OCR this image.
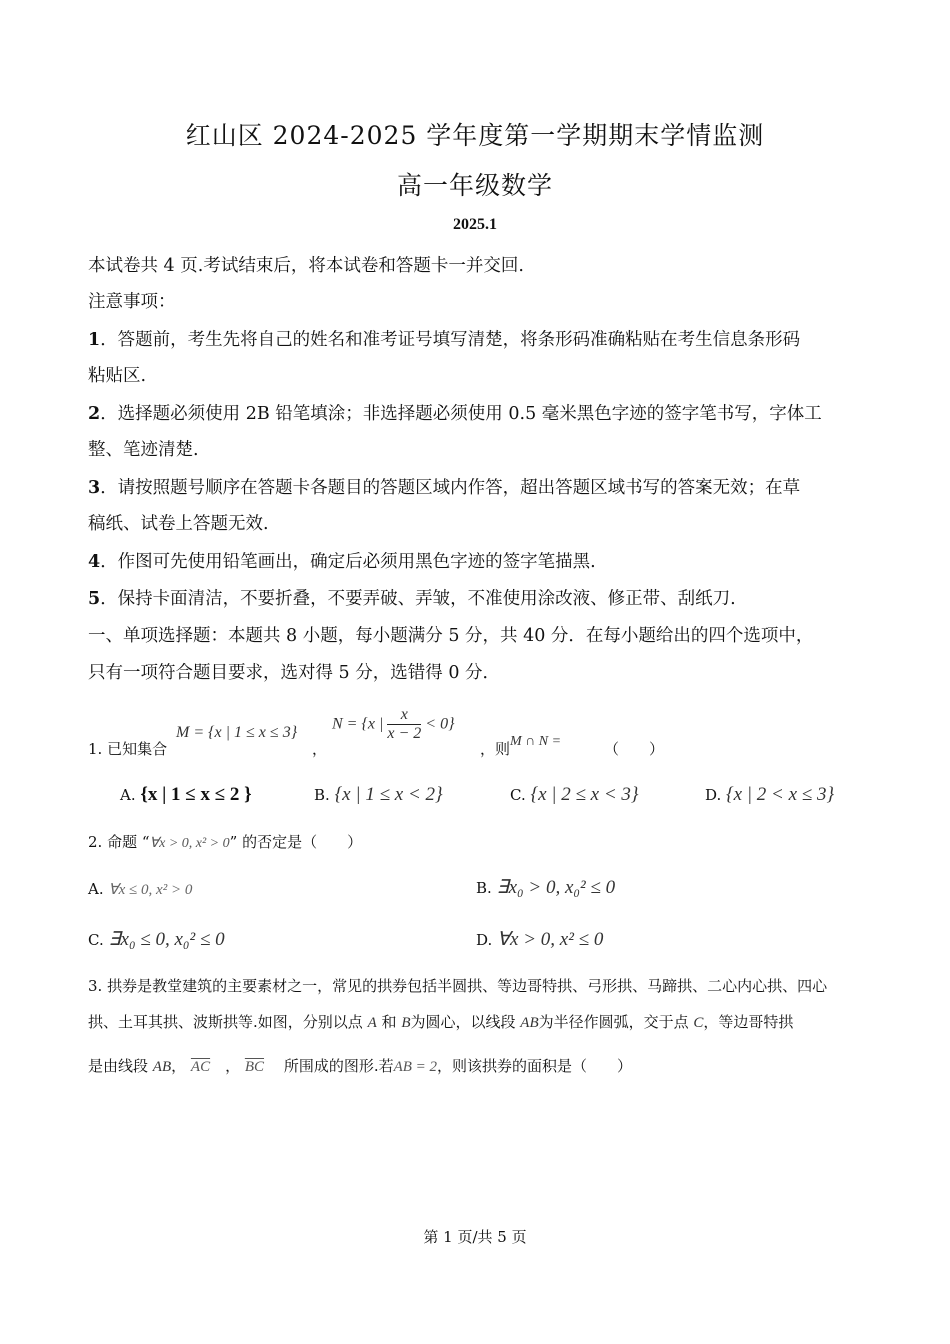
红山区 2024-2025 学年度第一学期期末学情监测
高一年级数学
2025.1
本试卷共 4 页.考试结束后，将本试卷和答题卡一并交回.
注意事项：
1．答题前，考生先将自己的姓名和准考证号填写清楚，将条形码准确粘贴在考生信息条形码
粘贴区.
2．选择题必须使用 2B 铅笔填涂；非选择题必须使用 0.5 毫米黑色字迹的签字笔书写，字体工
整、笔迹清楚.
3．请按照题号顺序在答题卡各题目的答题区域内作答，超出答题区域书写的答案无效；在草
稿纸、试卷上答题无效.
4．作图可先使用铅笔画出，确定后必须用黑色字迹的签字笔描黑.
5．保持卡面清洁，不要折叠，不要弄破、弄皱，不准使用涂改液、修正带、刮纸刀.
一、单项选择题：本题共 8 小题，每小题满分 5 分，共 40 分．在每小题给出的四个选项中，
只有一项符合题目要求，选对得 5 分，选错得 0 分．
1. 已知集合
M = {x | 1 ≤ x ≤ 3}
，
N = {x | $\frac{x}{x - 2} < 0$}
，则 M ∩ N =	（　　）
A. {x | 1 ≤ x ≤ 2 }	B. {x | 1 ≤ x < 2}	C. {x | 2 ≤ x < 3}	D. {x | 2 < x ≤ 3}
2. 命题 “∀x > 0, x² > 0” 的否定是（　　）
A. ∀x ≤ 0, x² > 0	B. ∃x₀ > 0, x₀² ≤ 0
C. ∃x₀ ≤ 0, x₀² ≤ 0	D. ∀x > 0, x² ≤ 0
3. 拱券是教堂建筑的主要素材之一，常见的拱券包括半圆拱、等边哥特拱、弓形拱、马蹄拱、二心内心拱、四心
拱、土耳其拱、波斯拱等.如图，分别以点 A 和 B为圆心，以线段 AB为半径作圆弧，交于点 C，等边哥特拱
是由线段 AB， $\overline{AC}$　， $\overline{BC}$　 所围成的图形.若AB = 2，则该拱券的面积是（　　）
第 1 页/共 5 页
